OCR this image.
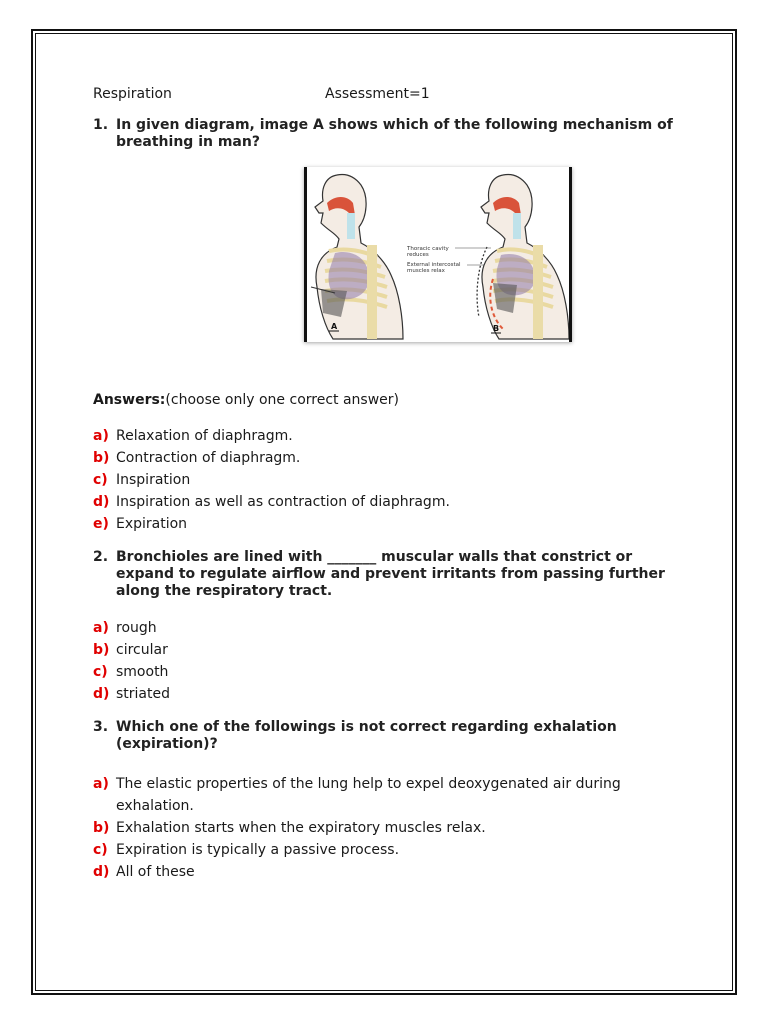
Respiration	Assessment=1
1. In given diagram, image A shows which of the following mechanism of breathing in man?
A
Thoracic cavity
reduces
External intercostal
muscles relax
B
Answers:(choose only one correct answer)
a) Relaxation of diaphragm.
b) Contraction of diaphragm.
c) Inspiration
d) Inspiration as well as contraction of diaphragm.
e) Expiration
2. Bronchioles are lined with _______ muscular walls that constrict or expand to regulate airflow and prevent irritants from passing further along the respiratory tract.
a) rough
b) circular
c) smooth
d) striated
3. Which one of the followings is not correct regarding exhalation (expiration)?
a) The elastic properties of the lung help to expel deoxygenated air during exhalation.
b) Exhalation starts when the expiratory muscles relax.
c) Expiration is typically a passive process.
d) All of these
